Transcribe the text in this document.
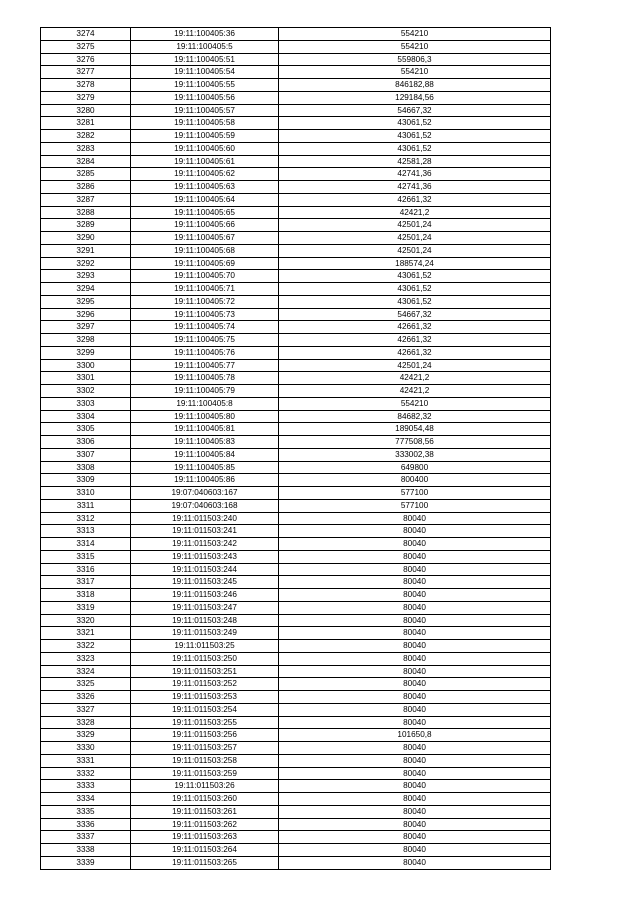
3274	19:11:100405:36	554210
3275	19:11:100405:5	554210
3276	19:11:100405:51	559806,3
3277	19:11:100405:54	554210
3278	19:11:100405:55	846182,88
3279	19:11:100405:56	129184,56
3280	19:11:100405:57	54667,32
3281	19:11:100405:58	43061,52
3282	19:11:100405:59	43061,52
3283	19:11:100405:60	43061,52
3284	19:11:100405:61	42581,28
3285	19:11:100405:62	42741,36
3286	19:11:100405:63	42741,36
3287	19:11:100405:64	42661,32
3288	19:11:100405:65	42421,2
3289	19:11:100405:66	42501,24
3290	19:11:100405:67	42501,24
3291	19:11:100405:68	42501,24
3292	19:11:100405:69	188574,24
3293	19:11:100405:70	43061,52
3294	19:11:100405:71	43061,52
3295	19:11:100405:72	43061,52
3296	19:11:100405:73	54667,32
3297	19:11:100405:74	42661,32
3298	19:11:100405:75	42661,32
3299	19:11:100405:76	42661,32
3300	19:11:100405:77	42501,24
3301	19:11:100405:78	42421,2
3302	19:11:100405:79	42421,2
3303	19:11:100405:8	554210
3304	19:11:100405:80	84682,32
3305	19:11:100405:81	189054,48
3306	19:11:100405:83	777508,56
3307	19:11:100405:84	333002,38
3308	19:11:100405:85	649800
3309	19:11:100405:86	800400
3310	19:07:040603:167	577100
3311	19:07:040603:168	577100
3312	19:11:011503:240	80040
3313	19:11:011503:241	80040
3314	19:11:011503:242	80040
3315	19:11:011503:243	80040
3316	19:11:011503:244	80040
3317	19:11:011503:245	80040
3318	19:11:011503:246	80040
3319	19:11:011503:247	80040
3320	19:11:011503:248	80040
3321	19:11:011503:249	80040
3322	19:11:011503:25	80040
3323	19:11:011503:250	80040
3324	19:11:011503:251	80040
3325	19:11:011503:252	80040
3326	19:11:011503:253	80040
3327	19:11:011503:254	80040
3328	19:11:011503:255	80040
3329	19:11:011503:256	101650,8
3330	19:11:011503:257	80040
3331	19:11:011503:258	80040
3332	19:11:011503:259	80040
3333	19:11:011503:26	80040
3334	19:11:011503:260	80040
3335	19:11:011503:261	80040
3336	19:11:011503:262	80040
3337	19:11:011503:263	80040
3338	19:11:011503:264	80040
3339	19:11:011503:265	80040
